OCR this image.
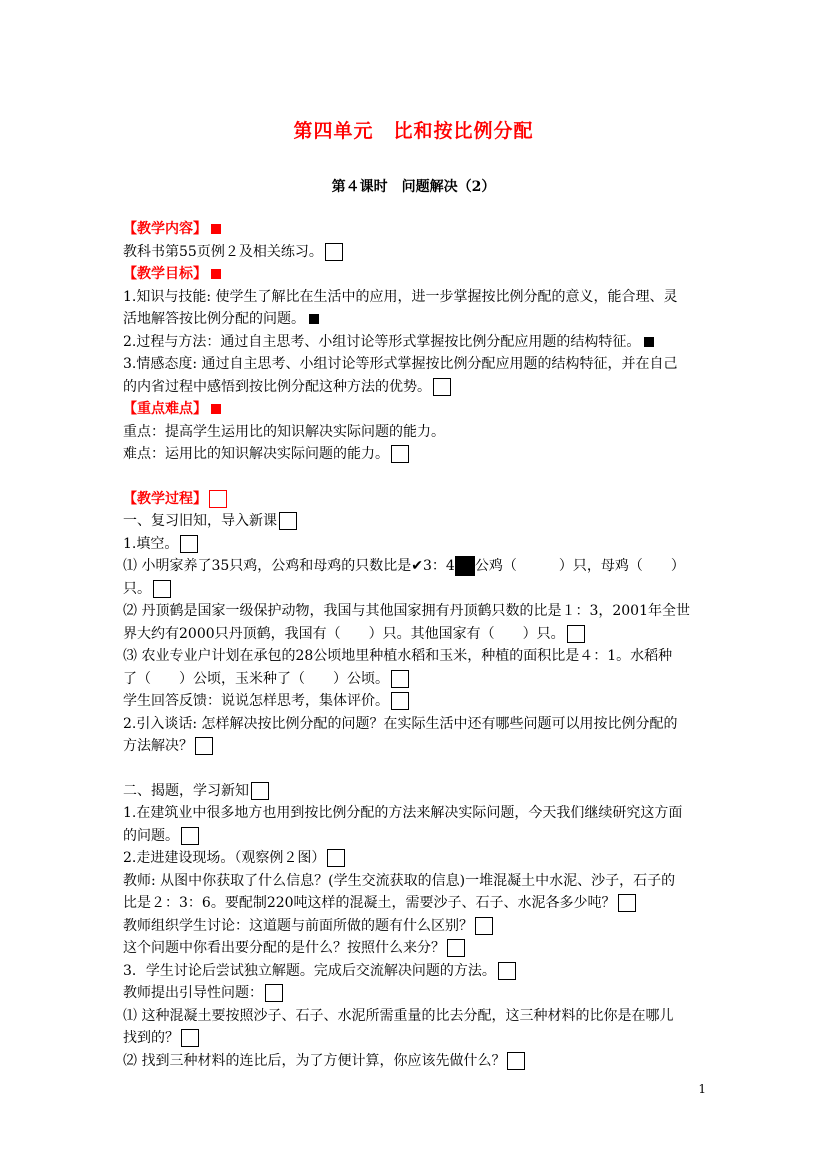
第四单元　比和按比例分配
第４课时　问题解决（2）
【教学内容】
教科书第55页例２及相关练习。
【教学目标】
1.知识与技能: 使学生了解比在生活中的应用，进一步掌握按比例分配的意义，能合理、灵
活地解答按比例分配的问题。
2.过程与方法：通过自主思考、小组讨论等形式掌握按比例分配应用题的结构特征。
3.情感态度: 通过自主思考、小组讨论等形式掌握按比例分配应用题的结构特征，并在自己
的内省过程中感悟到按比例分配这种方法的优势。
【重点难点】
重点：提高学生运用比的知识解决实际问题的能力。
难点：运用比的知识解决实际问题的能力。
【教学过程】
一、复习旧知，导入新课
1.填空。
⑴ 小明家养了35只鸡，公鸡和母鸡的只数比是✔3：4 公鸡（　　　）只，母鸡（　　）
只。
⑵ 丹顶鹤是国家一级保护动物，我国与其他国家拥有丹顶鹤只数的比是１：3，2001年全世
界大约有2000只丹顶鹤，我国有（　　）只。其他国家有（　　）只。
⑶ 农业专业户计划在承包的28公顷地里种植水稻和玉米，种植的面积比是４：1。水稻种
了（　　）公顷，玉米种了（　　）公顷。
学生回答反馈：说说怎样思考，集体评价。
2.引入谈话: 怎样解决按比例分配的问题？在实际生活中还有哪些问题可以用按比例分配的
方法解决？
二、揭题，学习新知
1.在建筑业中很多地方也用到按比例分配的方法来解决实际问题，今天我们继续研究这方面
的问题。
2.走进建设现场。（观察例２图）
教师: 从图中你获取了什么信息？(学生交流获取的信息)一堆混凝土中水泥、沙子，石子的
比是２：3：6。要配制220吨这样的混凝土，需要沙子、石子、水泥各多少吨？
教师组织学生讨论：这道题与前面所做的题有什么区别？
这个问题中你看出要分配的是什么？按照什么来分？
3．学生讨论后尝试独立解题。完成后交流解决问题的方法。
教师提出引导性问题：
⑴ 这种混凝土要按照沙子、石子、水泥所需重量的比去分配，这三种材料的比你是在哪儿
找到的？
⑵ 找到三种材料的连比后，为了方便计算，你应该先做什么？
1
